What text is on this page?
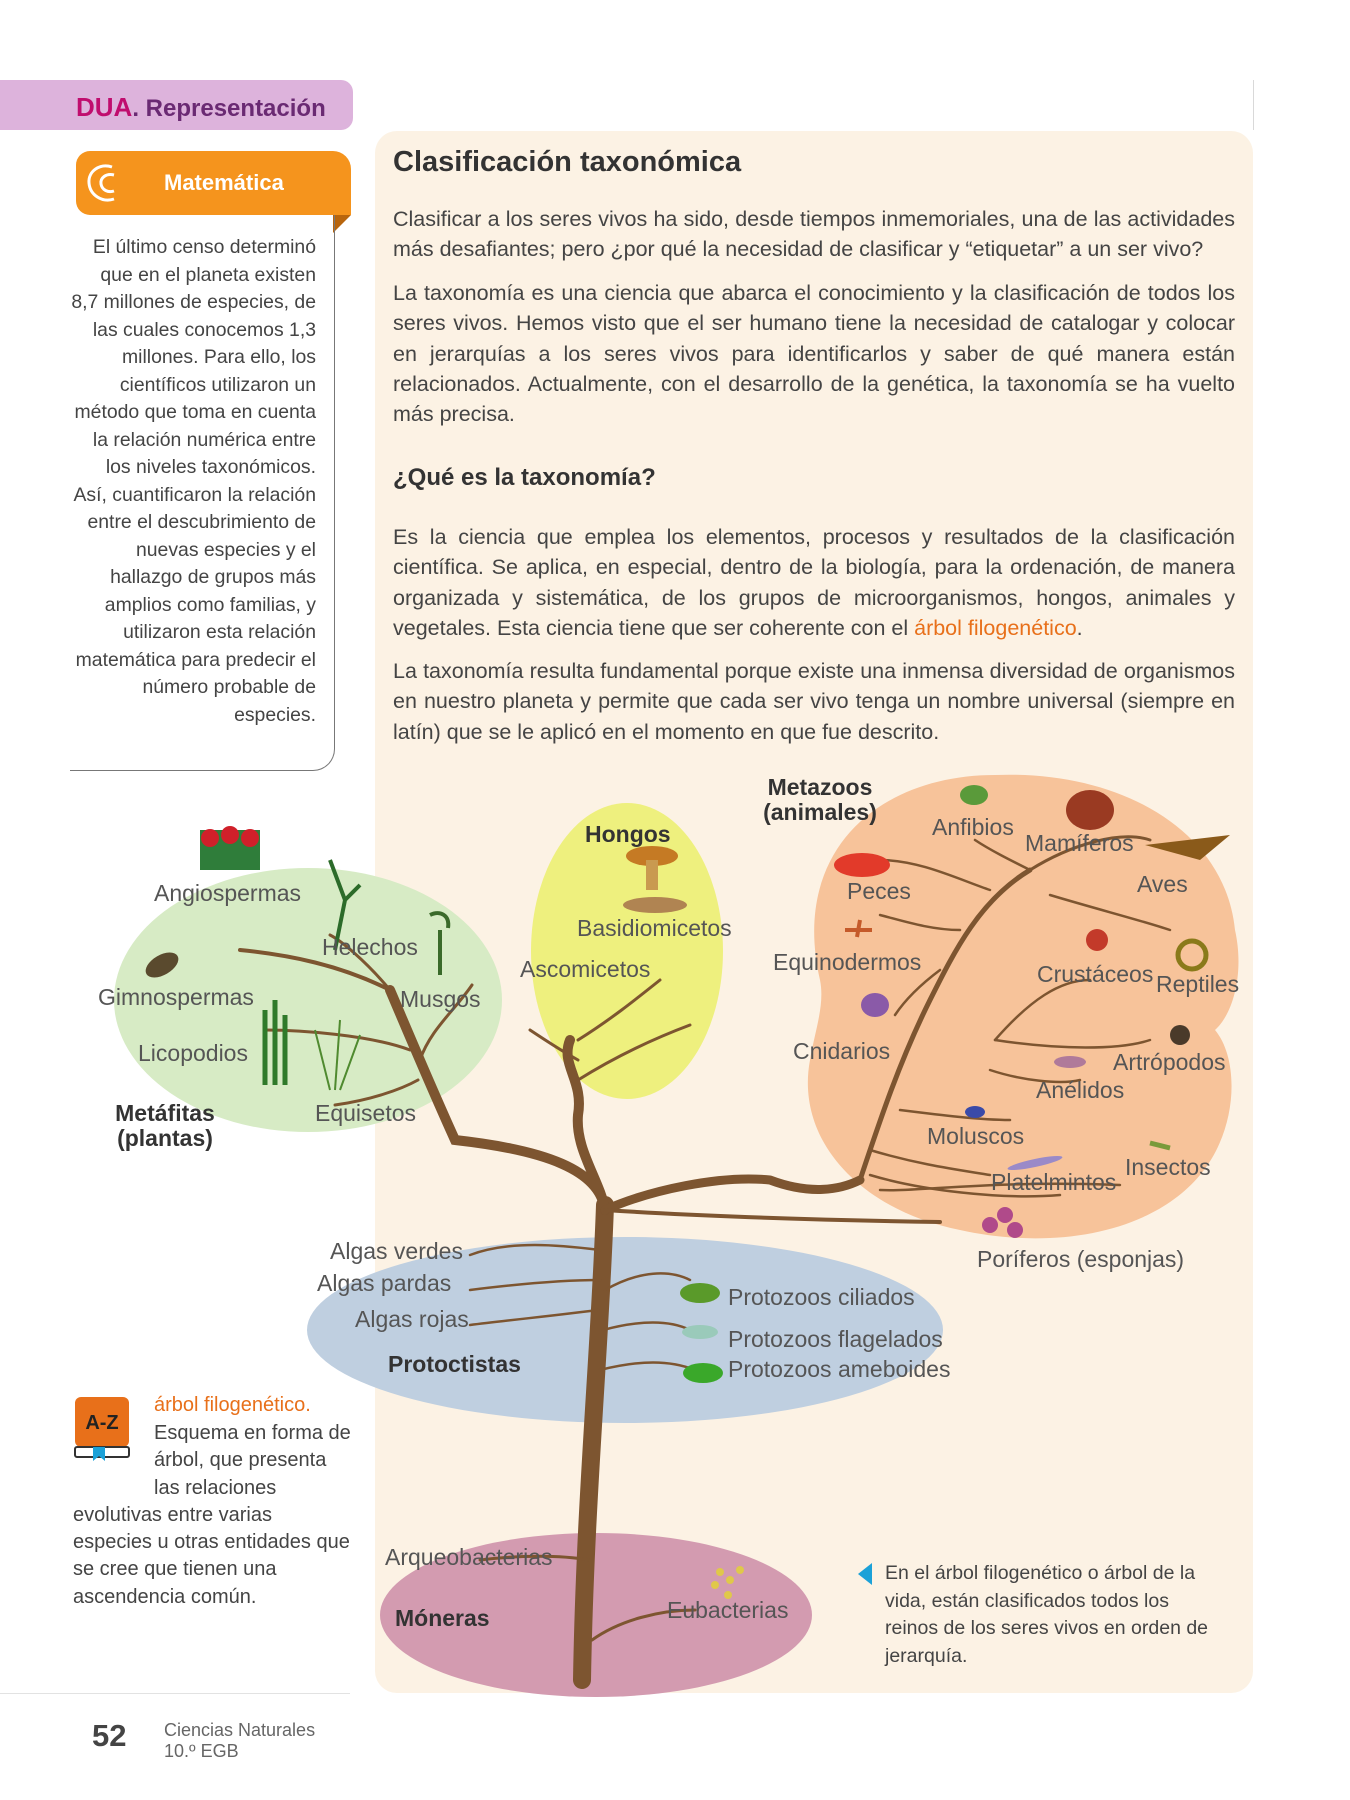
DUA. Representación
Matemática
El último censo determinó que en el planeta existen 8,7 millones de especies, de las cuales conocemos 1,3 millones. Para ello, los científicos utilizaron un método que toma en cuenta la relación numérica entre los niveles taxonómicos. Así, cuantificaron la relación entre el descubrimiento de nuevas especies y el hallazgo de grupos más amplios como familias, y utilizaron esta relación matemática para predecir el número probable de especies.
Clasificación taxonómica
Clasificar a los seres vivos ha sido, desde tiempos inmemoriales, una de las actividades más desafiantes; pero ¿por qué la necesidad de clasificar y “etiquetar” a un ser vivo?
La taxonomía es una ciencia que abarca el conocimiento y la clasificación de todos los seres vivos. Hemos visto que el ser humano tiene la necesidad de catalogar y colocar en jerarquías a los seres vivos para identificarlos y saber de qué manera están relacionados. Actualmente, con el desarrollo de la genética, la taxonomía se ha vuelto más precisa.
¿Qué es la taxonomía?
Es la ciencia que emplea los elementos, procesos y resultados de la clasificación científica. Se aplica, en especial, dentro de la biología, para la ordenación, de manera organizada y sistemática, de los grupos de microorganismos, hongos, animales y vegetales. Esta ciencia tiene que ser coherente con el árbol filogenético.
La taxonomía resulta fundamental porque existe una inmensa diversidad de organismos en nuestro planeta y permite que cada ser vivo tenga un nombre universal (siempre en latín) que se le aplicó en el momento en que fue descrito.
Angiospermas
Helechos
Gimnospermas	Musgos
Licopodios
Equisetos
Metáfitas
(plantas)
Hongos
Basidiomicetos
Ascomicetos
Metazoos
(animales)
Anfibios
Mamíferos
Peces	Aves
Equinodermos	Crustáceos Reptiles
Cnidarios	Artrópodos
Anélidos
Moluscos
Insectos
Platelmintos
Poríferos (esponjas)
Algas verdes
Algas pardas
Algas rojas
Protozoos ciliados
Protozoos flagelados
Protozoos ameboides
Protoctistas
Arqueobacterias
Eubacterias
Móneras
A-Z
árbol filogenético.
Esquema en forma de árbol, que presenta las relaciones
evolutivas entre varias especies u otras entidades que se cree que tienen una ascendencia común.
En el árbol filogenético o árbol de la vida, están clasificados todos los reinos de los seres vivos en orden de jerarquía.
52 Ciencias Naturales
10.º EGB
